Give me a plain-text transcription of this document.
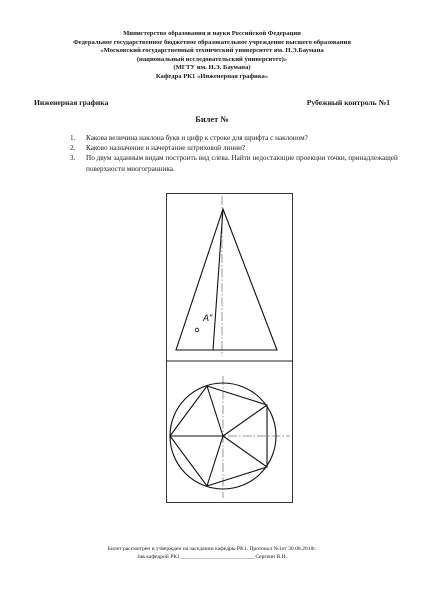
Министерство образования и науки Российской Федерации
Федеральное государственное бюджетное образовательное учреждение высшего образования
«Московский государственный технический университет им. Н.Э.Баумана
(национальный исследовательский университет)»
(МГТУ им. Н.Э. Баумана)
Кафедра РК1 «Инженерная графика»
Инженерная графика	Рубежный контроль №1
Билет №
1.	Какова величина наклона букв и цифр к строке для шрифта с наклоном?
2.	Каково назначение и начертание штриховой линии?
3.	По двум заданным видам построить вид слева. Найти недостающие проекции точки, принадлежащей поверхности многогранника.
A"
Билет рассмотрен и утвержден на заседании кафедры РК1. Протокол №1от 30.08.2018г.
Зав.кафедрой РК1___________________________Сергеин В.И.
